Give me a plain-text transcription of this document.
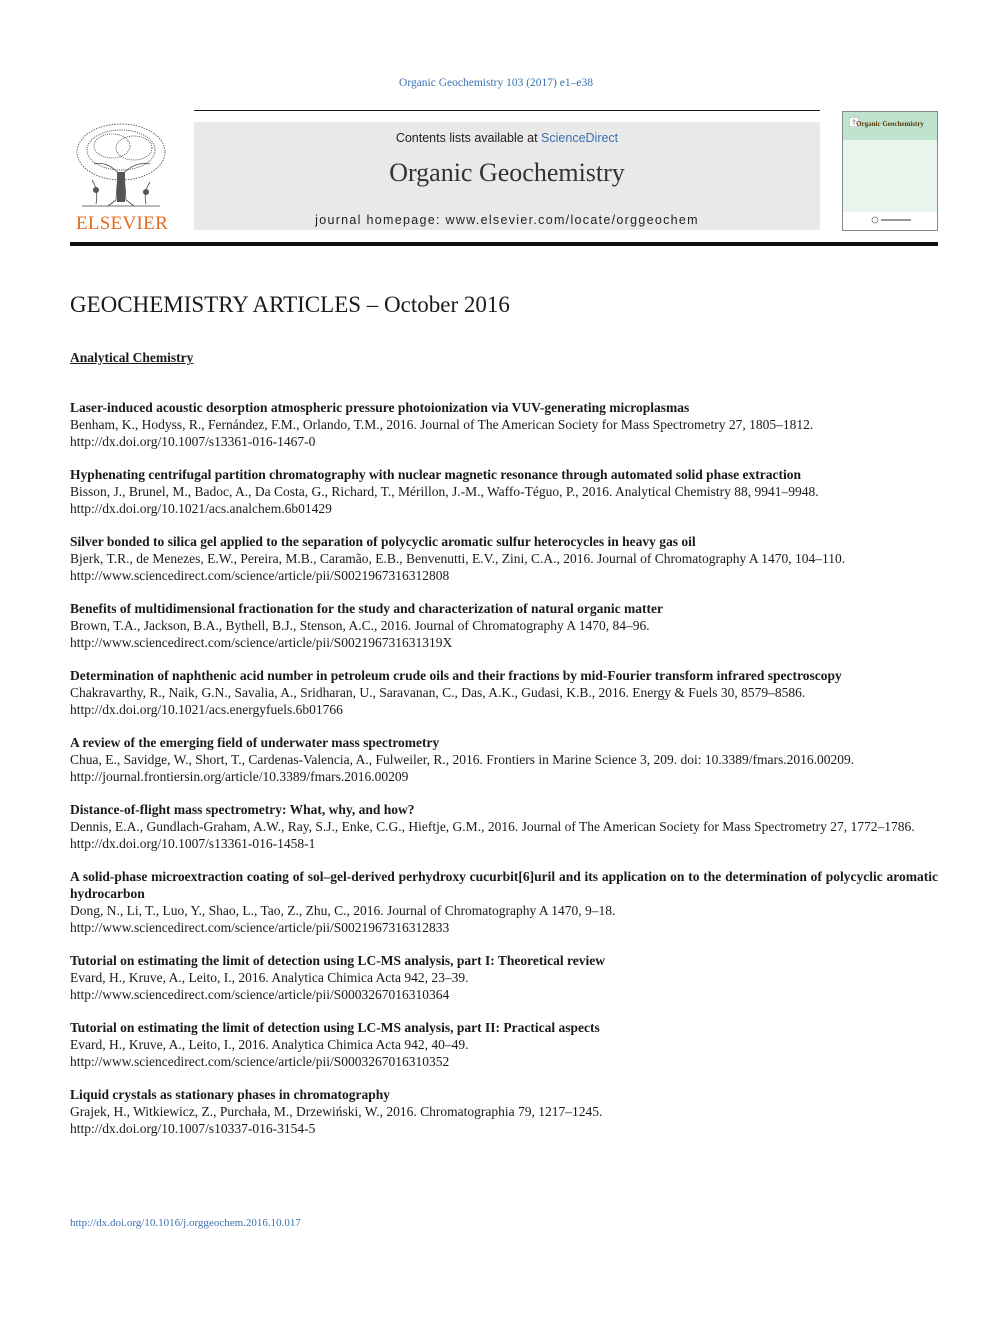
Organic Geochemistry 103 (2017) e1–e38
ELSEVIER
Contents lists available at ScienceDirect
Organic Geochemistry
journal homepage: www.elsevier.com/locate/orggeochem
Organic Geochemistry
GEOCHEMISTRY ARTICLES – October 2016
Analytical Chemistry
Laser-induced acoustic desorption atmospheric pressure photoionization via VUV-generating microplasmas
Benham, K., Hodyss, R., Fernández, F.M., Orlando, T.M., 2016. Journal of The American Society for Mass Spectrometry 27, 1805–1812.
http://dx.doi.org/10.1007/s13361-016-1467-0
Hyphenating centrifugal partition chromatography with nuclear magnetic resonance through automated solid phase extraction
Bisson, J., Brunel, M., Badoc, A., Da Costa, G., Richard, T., Mérillon, J.-M., Waffo-Téguo, P., 2016. Analytical Chemistry 88, 9941–9948.
http://dx.doi.org/10.1021/acs.analchem.6b01429
Silver bonded to silica gel applied to the separation of polycyclic aromatic sulfur heterocycles in heavy gas oil
Bjerk, T.R., de Menezes, E.W., Pereira, M.B., Caramão, E.B., Benvenutti, E.V., Zini, C.A., 2016. Journal of Chromatography A 1470, 104–110.
http://www.sciencedirect.com/science/article/pii/S0021967316312808
Benefits of multidimensional fractionation for the study and characterization of natural organic matter
Brown, T.A., Jackson, B.A., Bythell, B.J., Stenson, A.C., 2016. Journal of Chromatography A 1470, 84–96.
http://www.sciencedirect.com/science/article/pii/S002196731631319X
Determination of naphthenic acid number in petroleum crude oils and their fractions by mid-Fourier transform infrared spectroscopy
Chakravarthy, R., Naik, G.N., Savalia, A., Sridharan, U., Saravanan, C., Das, A.K., Gudasi, K.B., 2016. Energy & Fuels 30, 8579–8586.
http://dx.doi.org/10.1021/acs.energyfuels.6b01766
A review of the emerging field of underwater mass spectrometry
Chua, E., Savidge, W., Short, T., Cardenas-Valencia, A., Fulweiler, R., 2016. Frontiers in Marine Science 3, 209. doi: 10.3389/fmars.2016.00209.
http://journal.frontiersin.org/article/10.3389/fmars.2016.00209
Distance-of-flight mass spectrometry: What, why, and how?
Dennis, E.A., Gundlach-Graham, A.W., Ray, S.J., Enke, C.G., Hieftje, G.M., 2016. Journal of The American Society for Mass Spectrometry 27, 1772–1786.
http://dx.doi.org/10.1007/s13361-016-1458-1
A solid-phase microextraction coating of sol–gel-derived perhydroxy cucurbit[6]uril and its application on to the determination of polycyclic aromatic hydrocarbon
Dong, N., Li, T., Luo, Y., Shao, L., Tao, Z., Zhu, C., 2016. Journal of Chromatography A 1470, 9–18.
http://www.sciencedirect.com/science/article/pii/S0021967316312833
Tutorial on estimating the limit of detection using LC-MS analysis, part I: Theoretical review
Evard, H., Kruve, A., Leito, I., 2016. Analytica Chimica Acta 942, 23–39.
http://www.sciencedirect.com/science/article/pii/S0003267016310364
Tutorial on estimating the limit of detection using LC-MS analysis, part II: Practical aspects
Evard, H., Kruve, A., Leito, I., 2016. Analytica Chimica Acta 942, 40–49.
http://www.sciencedirect.com/science/article/pii/S0003267016310352
Liquid crystals as stationary phases in chromatography
Grajek, H., Witkiewicz, Z., Purchała, M., Drzewiński, W., 2016. Chromatographia 79, 1217–1245.
http://dx.doi.org/10.1007/s10337-016-3154-5
http://dx.doi.org/10.1016/j.orggeochem.2016.10.017
